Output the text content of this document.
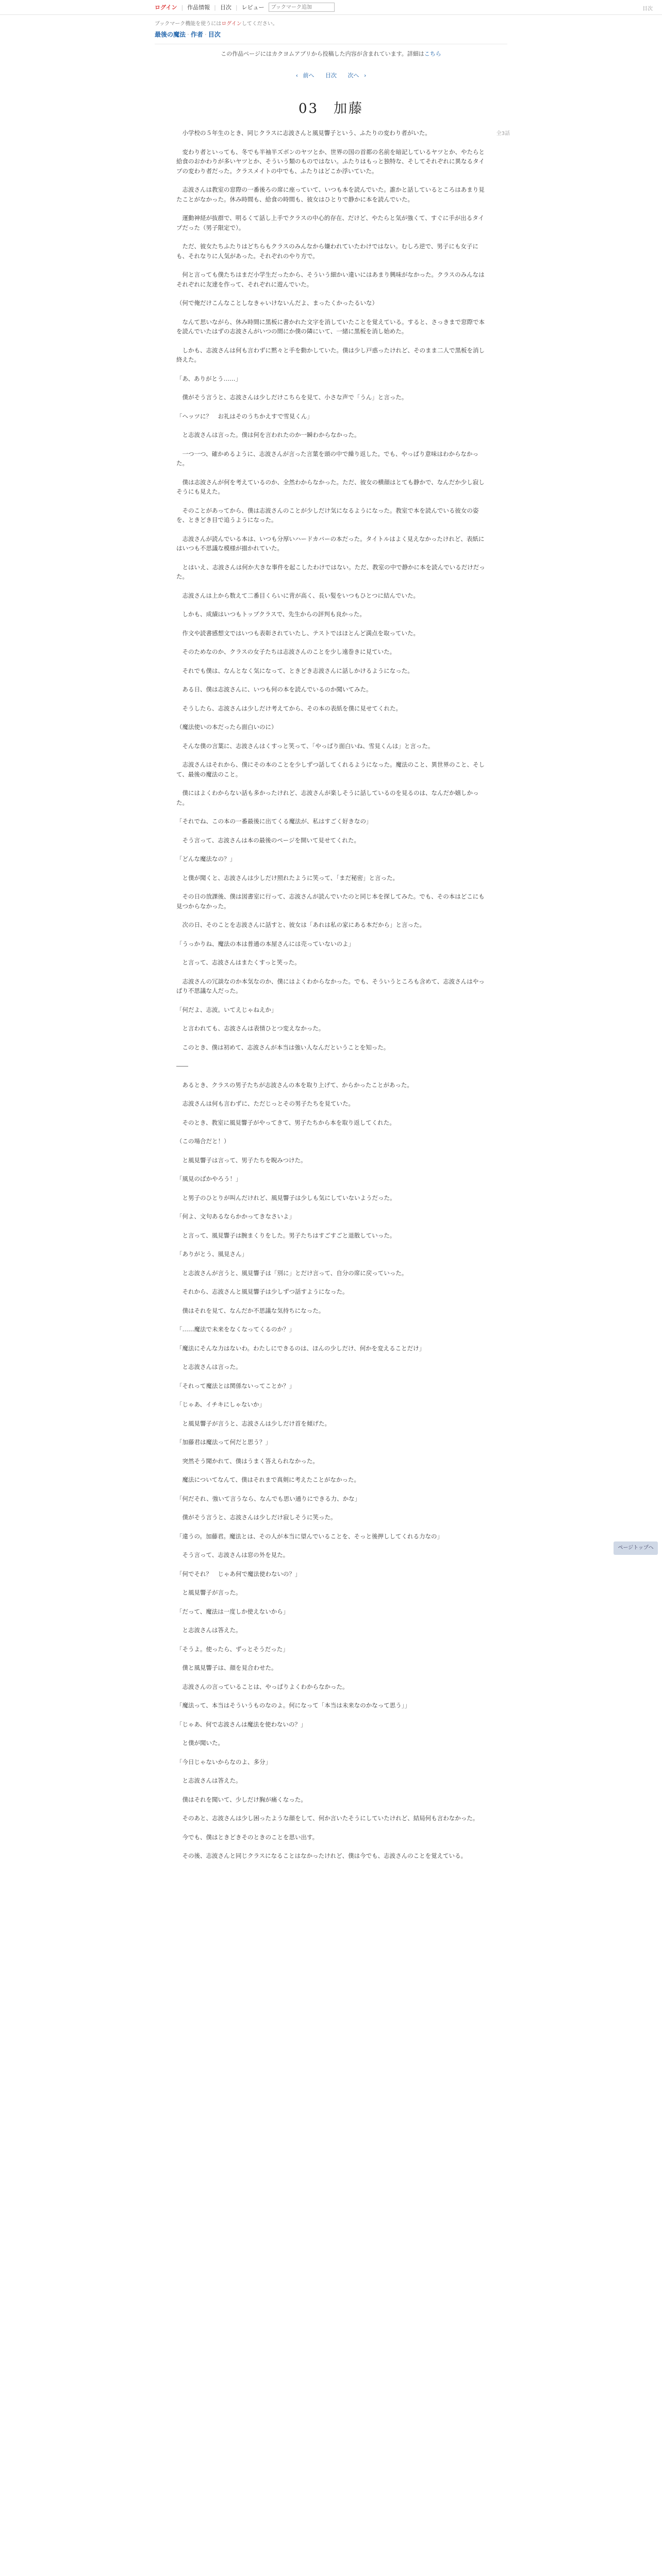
ログイン | 作品情報 | 目次 | レビュー
ブックマーク追加	目次
ブックマーク機能を使うにはログインしてください。
最後の魔法 · 作者 · 目次
この作品ページにはカクヨムアプリから投稿した内容が含まれています。詳細はこちら
‹ 前へ 目次 次へ ›
全3話
03　加藤

小学校の５年生のとき、同じクラスに志波さんと風見響子という、ふたりの変わり者がいた。

変わり者といっても、冬でも半袖半ズボンのヤツとか、世界の国の首都の名前を暗記しているヤツとか、やたらと給食のおかわりが多いヤツとか、そういう類のものではない。ふたりはもっと独特な、そしてそれぞれに異なるタイプの変わり者だった。クラスメイトの中でも、ふたりはどこか浮いていた。

志波さんは教室の窓際の一番後ろの席に座っていて、いつも本を読んでいた。誰かと話しているところはあまり見たことがなかった。休み時間も、給食の時間も、彼女はひとりで静かに本を読んでいた。

運動神経が抜群で、明るくて話し上手でクラスの中心的存在、だけど、やたらと気が強くて、すぐに手が出るタイプだった（男子限定で）。

ただ、彼女たちふたりはどちらもクラスのみんなから嫌われていたわけではない。むしろ逆で、男子にも女子にも、それなりに人気があった。それぞれのやり方で。

何と言っても僕たちはまだ小学生だったから、そういう細かい違いにはあまり興味がなかった。クラスのみんなはそれぞれに友達を作って、それぞれに遊んでいた。

（何で俺だけこんなことしなきゃいけないんだよ、まったくかったるいな）

なんて思いながら、休み時間に黒板に書かれた文字を消していたことを覚えている。すると、さっきまで窓際で本を読んでいたはずの志波さんがいつの間にか僕の隣にいて、一緒に黒板を消し始めた。

しかも、志波さんは何も言わずに黙々と手を動かしていた。僕は少し戸惑ったけれど、そのまま二人で黒板を消し終えた。

「あ、ありがとう……」

僕がそう言うと、志波さんは少しだけこちらを見て、小さな声で「うん」と言った。

「ヘッツに？　お礼はそのうちかえすで雪見くん」

と志波さんは言った。僕は何を言われたのか一瞬わからなかった。

一つ一つ、確かめるように、志波さんが言った言葉を頭の中で繰り返した。でも、やっぱり意味はわからなかった。

僕は志波さんが何を考えているのか、全然わからなかった。ただ、彼女の横顔はとても静かで、なんだか少し寂しそうにも見えた。

そのことがあってから、僕は志波さんのことが少しだけ気になるようになった。教室で本を読んでいる彼女の姿を、ときどき目で追うようになった。

志波さんが読んでいる本は、いつも分厚いハードカバーの本だった。タイトルはよく見えなかったけれど、表紙にはいつも不思議な模様が描かれていた。

とはいえ、志波さんは何か大きな事件を起こしたわけではない。ただ、教室の中で静かに本を読んでいるだけだった。

志波さんは上から数えて二番目くらいに背が高く、長い髪をいつもひとつに結んでいた。

しかも、成績はいつもトップクラスで、先生からの評判も良かった。

作文や読書感想文ではいつも表彰されていたし、テストではほとんど満点を取っていた。

そのためなのか、クラスの女子たちは志波さんのことを少し遠巻きに見ていた。

それでも僕は、なんとなく気になって、ときどき志波さんに話しかけるようになった。

ある日、僕は志波さんに、いつも何の本を読んでいるのか聞いてみた。

そうしたら、志波さんは少しだけ考えてから、その本の表紙を僕に見せてくれた。

（魔法使いの本だったら面白いのに）

そんな僕の言葉に、志波さんはくすっと笑って、「やっぱり面白いね、雪見くんは」と言った。

志波さんはそれから、僕にその本のことを少しずつ話してくれるようになった。魔法のこと、異世界のこと、そして、最後の魔法のこと。

僕にはよくわからない話も多かったけれど、志波さんが楽しそうに話しているのを見るのは、なんだか嬉しかった。

「それでね、この本の一番最後に出てくる魔法が、私はすごく好きなの」

そう言って、志波さんは本の最後のページを開いて見せてくれた。

「どんな魔法なの？」

と僕が聞くと、志波さんは少しだけ照れたように笑って、「まだ秘密」と言った。

その日の放課後、僕は図書室に行って、志波さんが読んでいたのと同じ本を探してみた。でも、その本はどこにも見つからなかった。

次の日、そのことを志波さんに話すと、彼女は「あれは私の家にある本だから」と言った。

「うっかりね、魔法の本は普通の本屋さんには売っていないのよ」

と言って、志波さんはまたくすっと笑った。

志波さんの冗談なのか本気なのか、僕にはよくわからなかった。でも、そういうところも含めて、志波さんはやっぱり不思議な人だった。

「何だよ、志波。いてえじゃねえか」

と言われても、志波さんは表情ひとつ変えなかった。

このとき、僕は初めて、志波さんが本当は強い人なんだということを知った。

――

あるとき、クラスの男子たちが志波さんの本を取り上げて、からかったことがあった。

志波さんは何も言わずに、ただじっとその男子たちを見ていた。

そのとき、教室に風見響子がやってきて、男子たちから本を取り返してくれた。

（この場合だと！）

と風見響子は言って、男子たちを睨みつけた。

「風見のばかやろう！」

と男子のひとりが叫んだけれど、風見響子は少しも気にしていないようだった。

「何よ、文句あるならかかってきなさいよ」

と言って、風見響子は腕まくりをした。男子たちはすごすごと退散していった。

「ありがとう、風見さん」

と志波さんが言うと、風見響子は「別に」とだけ言って、自分の席に戻っていった。

それから、志波さんと風見響子は少しずつ話すようになった。

僕はそれを見て、なんだか不思議な気持ちになった。

「……魔法で未来をなくなってくるのか？」

「魔法にそんな力はないわ。わたしにできるのは、ほんの少しだけ、何かを変えることだけ」

と志波さんは言った。

「それって魔法とは関係ないってことか？」

「じゃあ、イチキにしゃないか」

と風見響子が言うと、志波さんは少しだけ首を傾げた。

「加藤君は魔法って何だと思う？」

突然そう聞かれて、僕はうまく答えられなかった。

魔法についてなんて、僕はそれまで真剣に考えたことがなかった。

「何だそれ、強いて言うなら、なんでも思い通りにできる力、かな」

僕がそう言うと、志波さんは少しだけ寂しそうに笑った。

「違うの。加藤君。魔法とは、その人が本当に望んでいることを、そっと後押ししてくれる力なの」

そう言って、志波さんは窓の外を見た。

「何でそれ？　じゃあ何で魔法使わないの？」

と風見響子が言った。

「だって、魔法は一度しか使えないから」

と志波さんは答えた。

「そうよ。使ったら、ずっとそうだった」

僕と風見響子は、顔を見合わせた。

志波さんの言っていることは、やっぱりよくわからなかった。

「魔法って、本当はそういうものなのよ。何になって「本当は未来なのかなって思う」」

「じゃあ、何で志波さんは魔法を使わないの？」

と僕が聞いた。

「今日じゃないからなのよ、多分」

と志波さんは答えた。

僕はそれを聞いて、少しだけ胸が痛くなった。

そのあと、志波さんは少し困ったような顔をして、何か言いたそうにしていたけれど、結局何も言わなかった。

今でも、僕はときどきそのときのことを思い出す。

その後、志波さんと同じクラスになることはなかったけれど、僕は今でも、志波さんのことを覚えている。

ページトップへ
